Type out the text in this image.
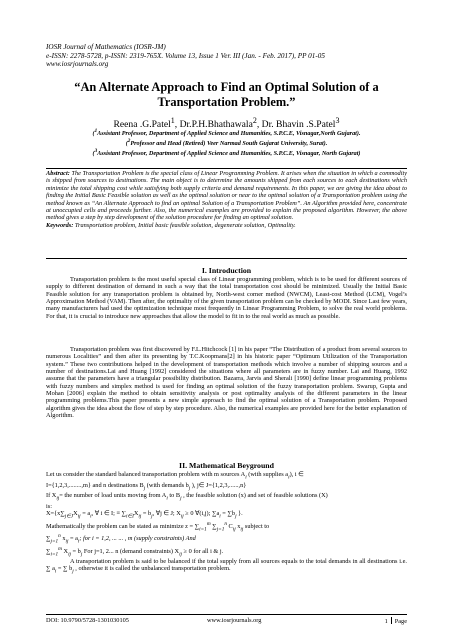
IOSR Journal of Mathematics (IOSR-JM)
e-ISSN: 2278-5728, p-ISSN: 2319-765X. Volume 13, Issue 1 Ver. III (Jan. - Feb. 2017), PP 01-05
www.iosrjournals.org
“An Alternate Approach to Find an Optimal Solution of a
Transportation Problem.”
Reena .G.Patel$^1$, Dr.P.H.Bhathawala$^2$, Dr. Bhavin .S.Patel$^3$
($^1$Assistant Professor, Department of Applied Science and Humanities, S.P.C.E, Visnagar,North Gujarat).
($^2$Professor and Head (Retired) Veer Narmad South Gujarat University, Surat).
($^3$Assistant Professor, Department of Applied Science and Humanities, S.P.C.E, Visnagar, North Gujarat)

Abstract: The Transportation Problem is the special class of Linear Programming Problem. It arises when the situation in which a commodity is shipped from sources to destinations. The main object is to determine the amounts shipped from each sources to each destinations which minimize the total shipping cost while satisfying both supply criteria and demand requirements. In this paper, we are giving the idea about to finding the Initial Basic Feasible solution as well as the optimal solution or near to the optimal solution of a Transportation problem using the method known as “An Alternate Approach to find an optimal Solution of a Transportation Problem”. An Algorithm provided here, concentrate at unoccupied cells and proceeds further. Also, the numerical examples are provided to explain the proposed algorithm. However, the above method gives a step by step development of the solution procedure for finding an optimal solution.

Keywords: Transportation problem, Initial basic feasible solution, degenerate solution, Optimality.

I. Introduction

Transportation problem is the most useful special class of Linear programming problem, which is to be used for different sources of supply to different destination of demand in such a way that the total transportation cost should be minimized. Usually the Initial Basic Feasible solution for any transportation problem is obtained by, North-west corner method (NWCM), Least-cost Method (LCM), Vogel’s Approximation Method (VAM). Then after, the optimality of the given transportation problem can be checked by MODI. Since Last few years, many manufacturers had used the optimization technique most frequently in Linear Programming Problem, to solve the real world problems. For that, it is crucial to introduce new approaches that allow the model to fit in to the real world as much as possible.

Transportation problem was first discovered by F.L.Hitchcock [1] in his paper “The Distribution of a product from several sources to numerous Localities” and then after its presenting by T.C.Koopmans[2] in his historic paper “Optimum Utilization of the Transportation system.” These two contributions helped in the development of transportation methods which involve a number of shipping sources and a number of destinations.Lai and Huang [1992] considered the situations where all parameters are in fuzzy number. Lai and Huang, 1992 assume that the parameters have a triangular possibility distribution. Bazarra, Jarvis and Sherali [1990] define linear programming problems with fuzzy numbers and simplex method is used for finding an optimal solution of the fuzzy transportation problem. Swarup, Gupta and Mohan [2006] explain the method to obtain sensitivity analysis or post optimality analysis of the different parameters in the linear programming problems.This paper presents a new simple approach to find the optimal solution of a Transportation problem. Proposed algorithm gives the idea about the flow of step by step procedure. Also, the numerical examples are provided here for the better explanation of Algorithm.

II. Mathematical Beyground
Let us consider the standard balanced transportation problem with m sources $A_i$ (with supplies $a_i$), i ∈
I={1,2,3,........,m} and n destinations $B_j$ (with demands $b_j$ ), j∈ J={1,2,3,......,n}
If $X_{ij}=$ the number of load units moving from $A_i$ to $B_j$ , the feasible solution (x) and set of feasible solutions (X)
is:
$X=\{x\sum_{j\in J}X_{ij} = a_i$, ∀ i ∈ I; ≡ $\sum_{i\in I}X_{ij} = b_j$, ∀j ∈ J; $X_{ij} \ge 0$ ∀(i,j); $\sum a_i = \sum b_j$ }.
Mathematically the problem can be stated as minimize $z = \sum_{i=1}^m$ $\sum_{j=1}^n$ $C_{ij}$ $x_{ij}$ subject to
$\sum_{j=1}^n$ $x_{ij} = a_i$; for i = 1,2, ... ... , m (supply constraints) And
$\sum_{i=1}^m$ $X_{ij} = b_j$ For j=1, 2... n (demand constraints) $X_{ij} \ge 0$ for all i & j.

A transportation problem is said to be balanced if the total supply from all sources equals to the total demands in all destinations i.e. ∑ $a_i$ = ∑ $b_j$ , otherwise it is called the unbalanced transportation problem.

DOI: 10.9790/5728-1301030105	www.iosrjournals.org	1 Page
